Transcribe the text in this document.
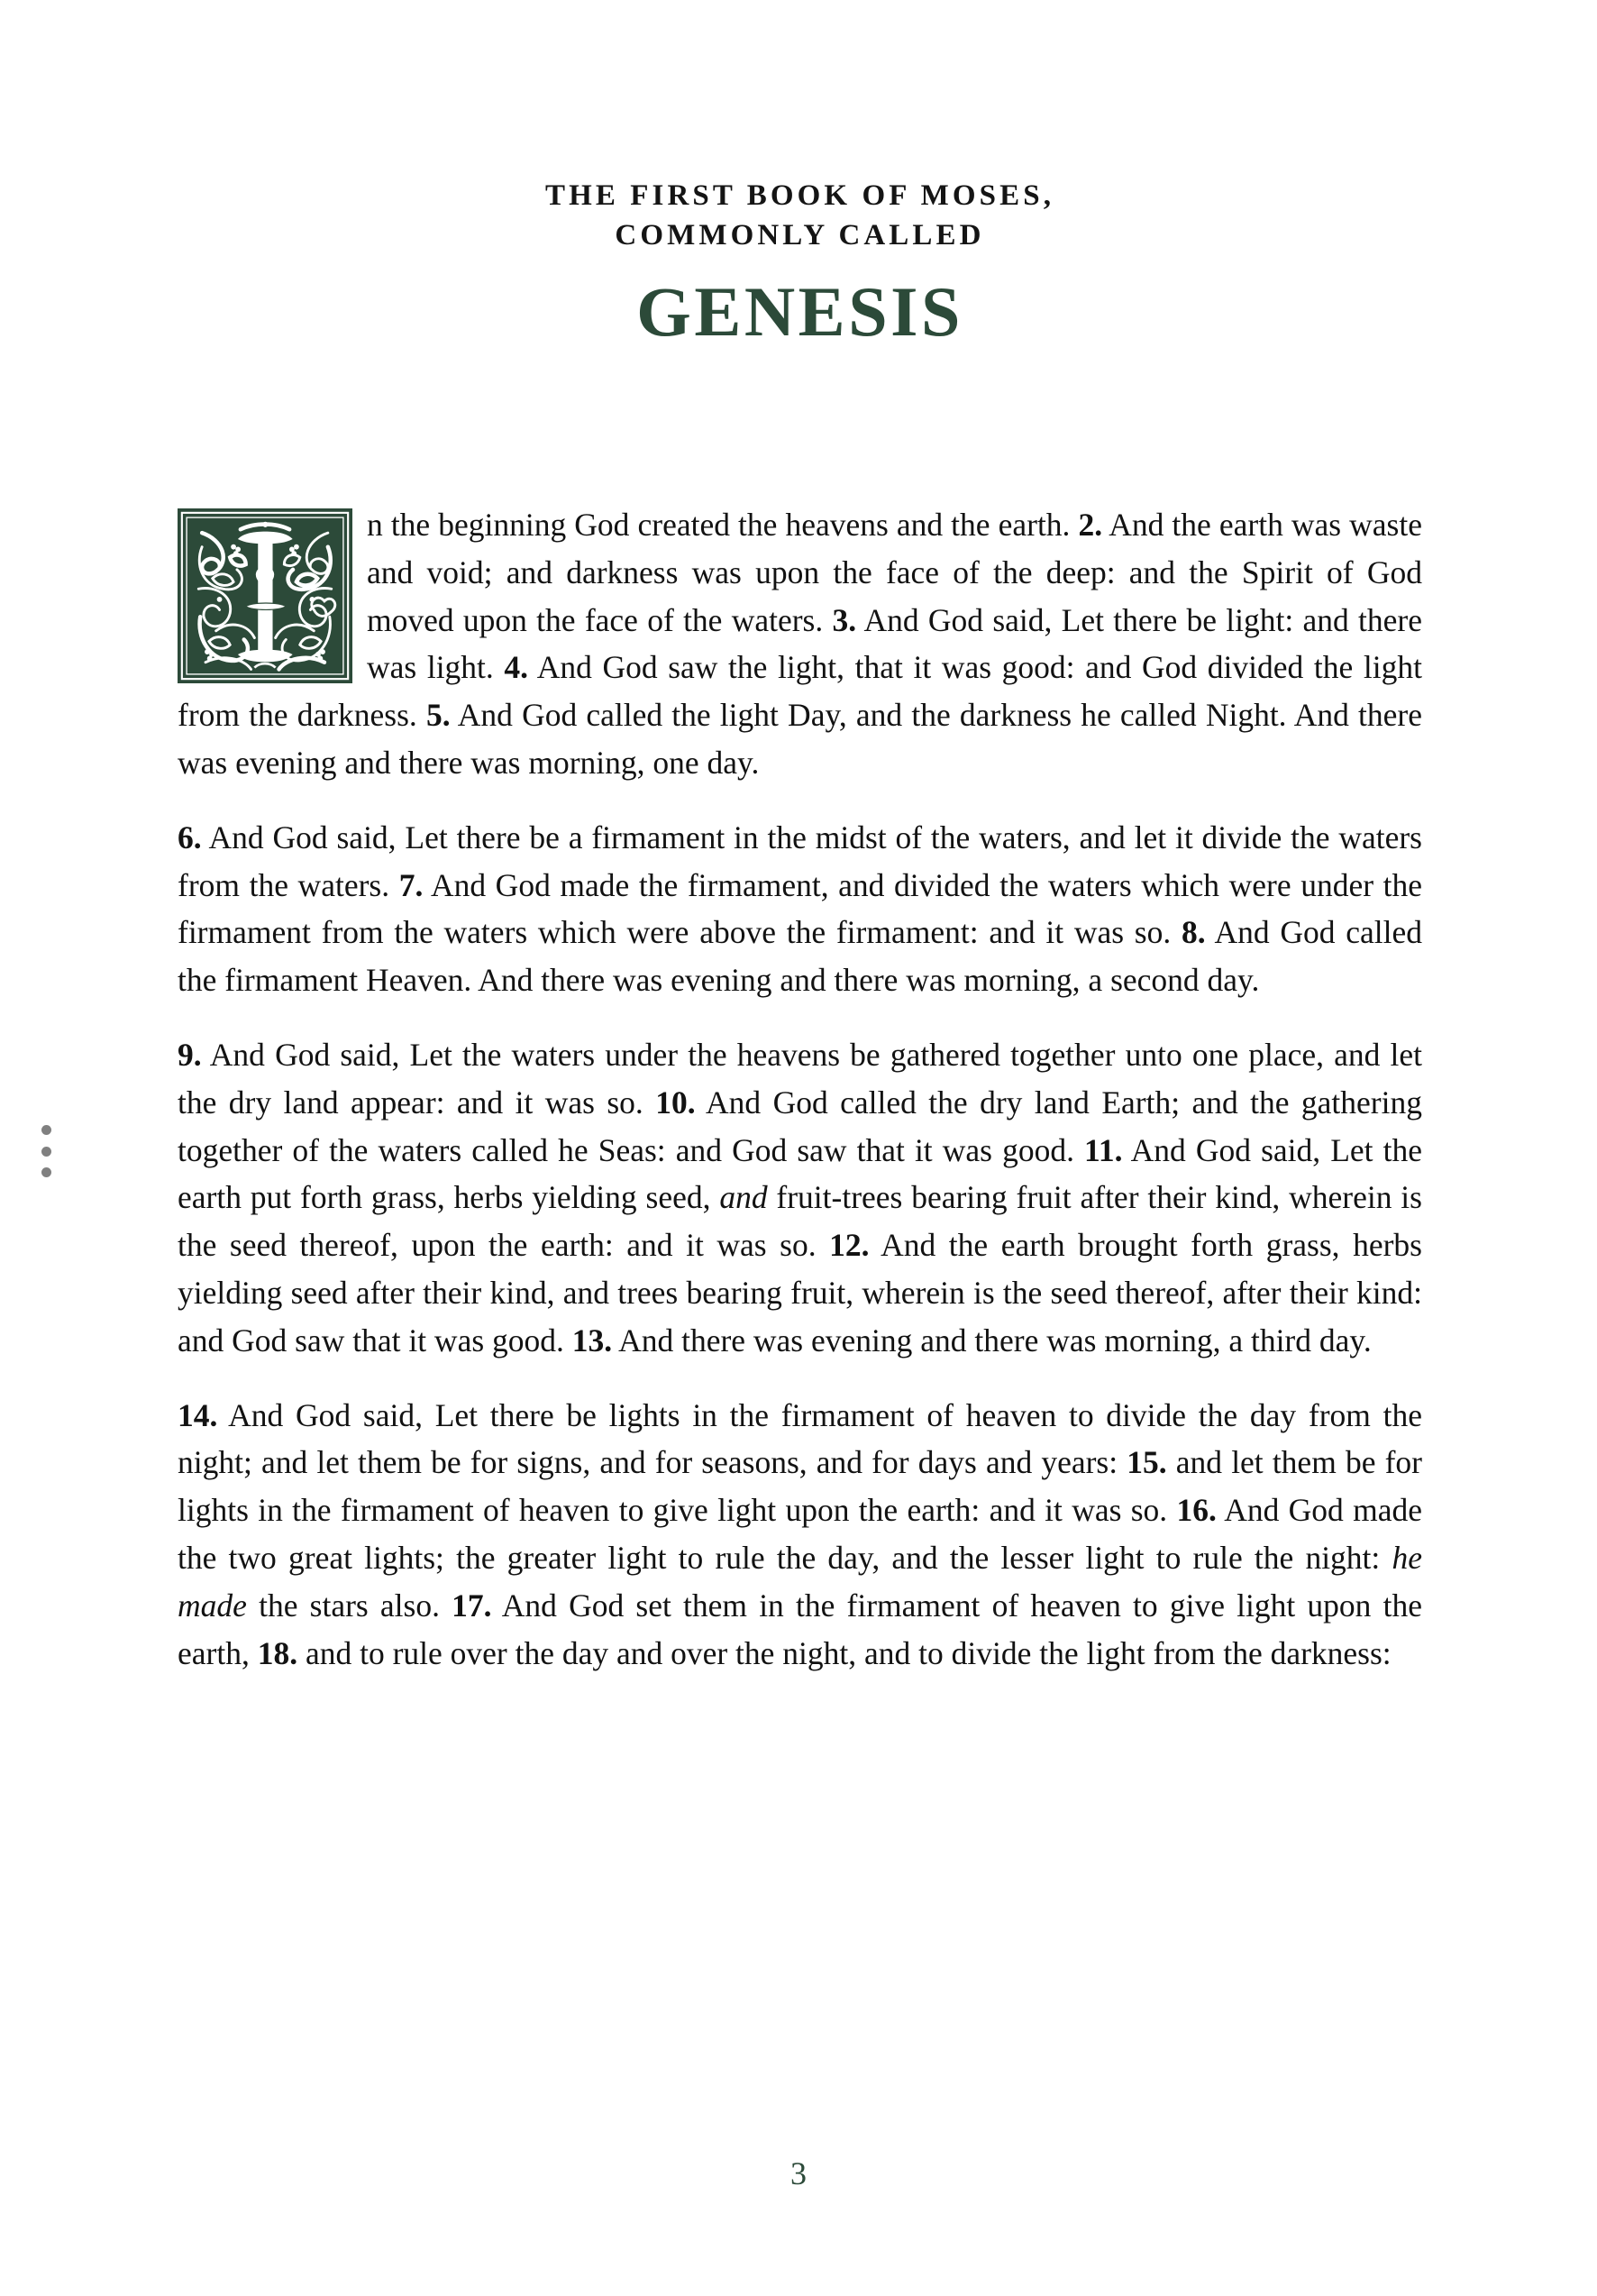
THE FIRST BOOK OF MOSES,
COMMONLY CALLED
GENESIS

n the beginning God created the heavens and the earth. 2. And the earth was waste and void; and darkness was upon the face of the deep: and the Spirit of God moved upon the face of the waters. 3. And God said, Let there be light: and there was light. 4. And God saw the light, that it was good: and God divided the light from the darkness. 5. And God called the light Day, and the darkness he called Night. And there was evening and there was morning, one day.

6. And God said, Let there be a firmament in the midst of the waters, and let it divide the waters from the waters. 7. And God made the firmament, and divided the waters which were under the firmament from the waters which were above the firmament: and it was so. 8. And God called the firmament Heaven. And there was evening and there was morning, a second day.

9. And God said, Let the waters under the heavens be gathered together unto one place, and let the dry land appear: and it was so. 10. And God called the dry land Earth; and the gathering together of the waters called he Seas: and God saw that it was good. 11. And God said, Let the earth put forth grass, herbs yielding seed, and fruit-trees bearing fruit after their kind, wherein is the seed thereof, upon the earth: and it was so. 12. And the earth brought forth grass, herbs yielding seed after their kind, and trees bearing fruit, wherein is the seed thereof, after their kind: and God saw that it was good. 13. And there was evening and there was morning, a third day.

14. And God said, Let there be lights in the firmament of heaven to divide the day from the night; and let them be for signs, and for seasons, and for days and years: 15. and let them be for lights in the firmament of heaven to give light upon the earth: and it was so. 16. And God made the two great lights; the greater light to rule the day, and the lesser light to rule the night: he made the stars also. 17. And God set them in the firmament of heaven to give light upon the earth, 18. and to rule over the day and over the night, and to divide the light from the darkness:

3
